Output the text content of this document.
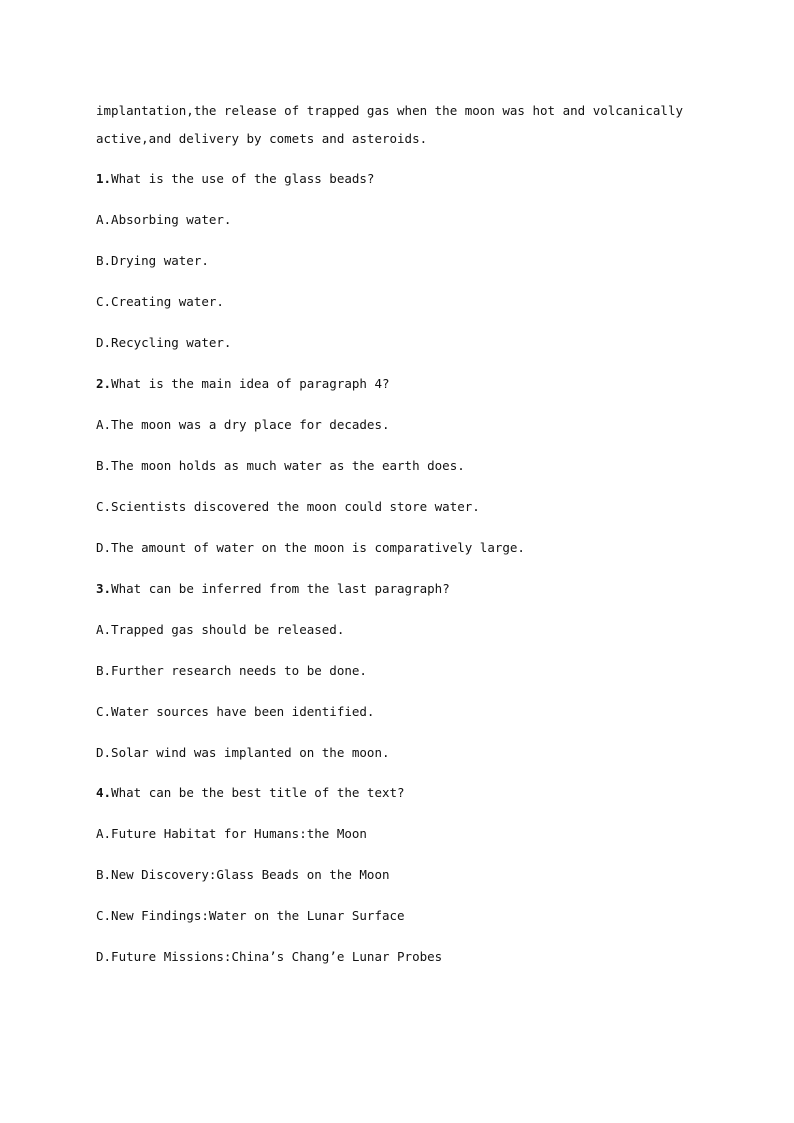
implantation,the release of trapped gas when the moon was hot and volcanically
active,and delivery by comets and asteroids.
1.What is the use of the glass beads?
A.Absorbing water.
B.Drying water.
C.Creating water.
D.Recycling water.
2.What is the main idea of paragraph 4?
A.The moon was a dry place for decades.
B.The moon holds as much water as the earth does.
C.Scientists discovered the moon could store water.
D.The amount of water on the moon is comparatively large.
3.What can be inferred from the last paragraph?
A.Trapped gas should be released.
B.Further research needs to be done.
C.Water sources have been identified.
D.Solar wind was implanted on the moon.
4.What can be the best title of the text?
A.Future Habitat for Humans:the Moon
B.New Discovery:Glass Beads on the Moon
C.New Findings:Water on the Lunar Surface
D.Future Missions:China’s Chang’e Lunar Probes
